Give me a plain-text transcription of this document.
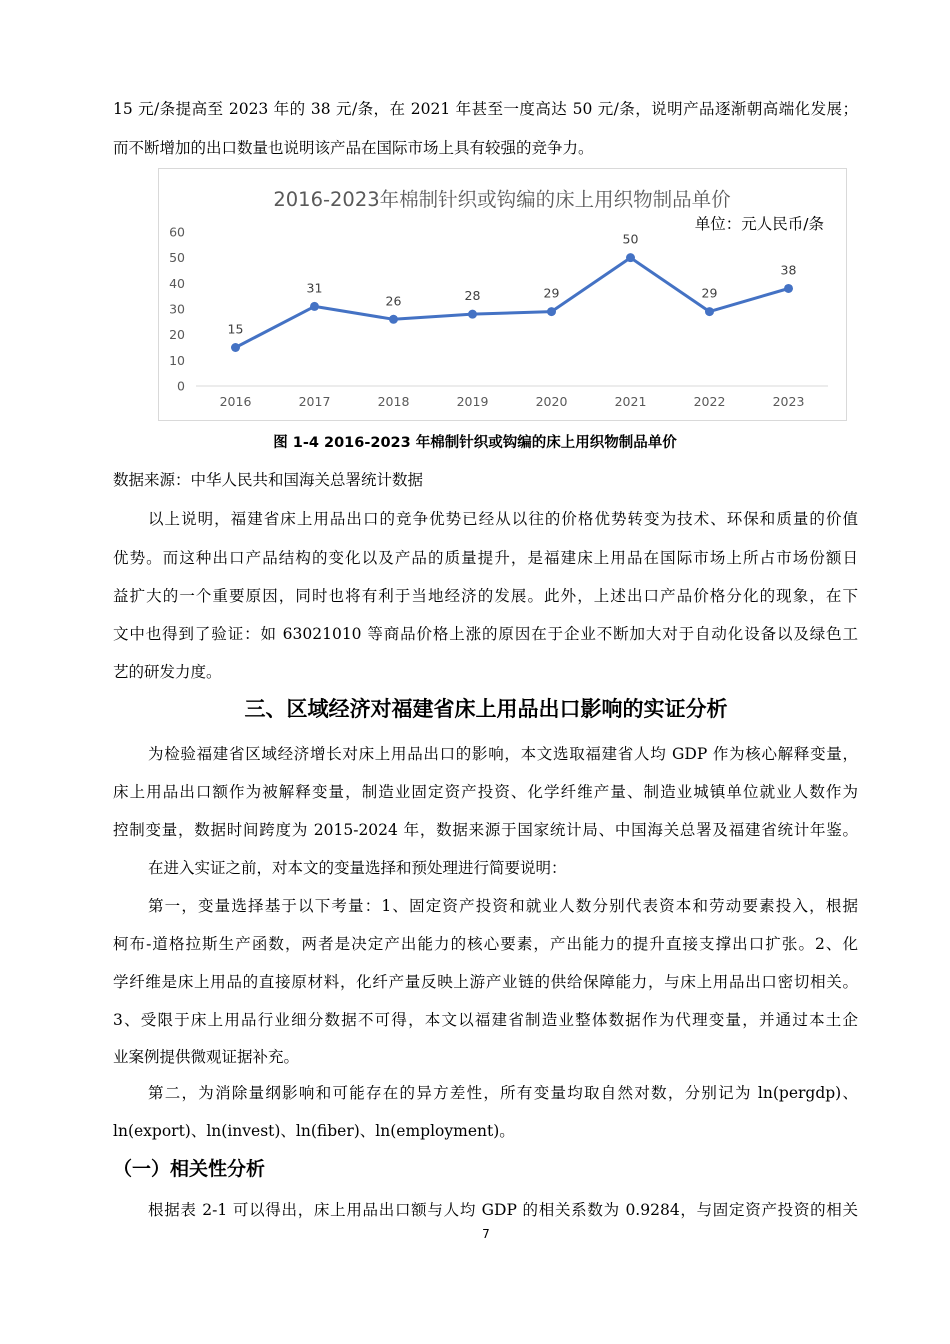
15 元/条提高至 2023 年的 38 元/条，在 2021 年甚至一度高达 50 元/条，说明产品逐渐朝高端化发展；
而不断增加的出口数量也说明该产品在国际市场上具有较强的竞争力。
2016-2023年棉制针织或钩编的床上用织物制品单价
单位：元人民币/条
0
10
20
30
40
50
60
2016	2017	2018	2019	2020	2021	2022	2023
15
31
26	28	29
50
29
38
图 1-4 2016-2023 年棉制针织或钩编的床上用织物制品单价
数据来源：中华人民共和国海关总署统计数据
以上说明，福建省床上用品出口的竞争优势已经从以往的价格优势转变为技术、环保和质量的价值
优势。而这种出口产品结构的变化以及产品的质量提升，是福建床上用品在国际市场上所占市场份额日
益扩大的一个重要原因，同时也将有利于当地经济的发展。此外，上述出口产品价格分化的现象，在下
文中也得到了验证：如 63021010 等商品价格上涨的原因在于企业不断加大对于自动化设备以及绿色工
艺的研发力度。
三、区域经济对福建省床上用品出口影响的实证分析
为检验福建省区域经济增长对床上用品出口的影响，本文选取福建省人均 GDP 作为核心解释变量，
床上用品出口额作为被解释变量，制造业固定资产投资、化学纤维产量、制造业城镇单位就业人数作为
控制变量，数据时间跨度为 2015-2024 年，数据来源于国家统计局、中国海关总署及福建省统计年鉴。
在进入实证之前，对本文的变量选择和预处理进行简要说明：
第一，变量选择基于以下考量：1、固定资产投资和就业人数分别代表资本和劳动要素投入，根据
柯布-道格拉斯生产函数，两者是决定产出能力的核心要素，产出能力的提升直接支撑出口扩张。2、化
学纤维是床上用品的直接原材料，化纤产量反映上游产业链的供给保障能力，与床上用品出口密切相关。
3、受限于床上用品行业细分数据不可得，本文以福建省制造业整体数据作为代理变量，并通过本土企
业案例提供微观证据补充。
第二，为消除量纲影响和可能存在的异方差性，所有变量均取自然对数，分别记为 ln(pergdp)、
ln(export)、ln(invest)、ln(fiber)、ln(employment)。
（一）相关性分析
根据表 2-1 可以得出，床上用品出口额与人均 GDP 的相关系数为 0.9284，与固定资产投资的相关
7
